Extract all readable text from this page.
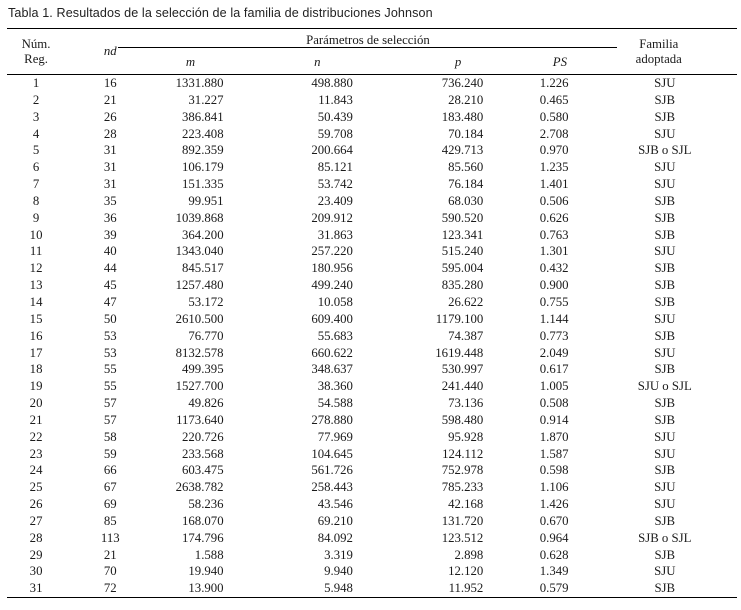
Tabla 1. Resultados de la selección de la familia de distribuciones Johnson
Núm.
Reg.	nd	Parámetros de selección				Familia
adoptada

		m	n	p	PS	
1	16	1331.880	498.880	736.240	1.226	SJU
2	21	31.227	11.843	28.210	0.465	SJB
3	26	386.841	50.439	183.480	0.580	SJB
4	28	223.408	59.708	70.184	2.708	SJU
5	31	892.359	200.664	429.713	0.970	SJB o SJL
6	31	106.179	85.121	85.560	1.235	SJU
7	31	151.335	53.742	76.184	1.401	SJU
8	35	99.951	23.409	68.030	0.506	SJB
9	36	1039.868	209.912	590.520	0.626	SJB
10	39	364.200	31.863	123.341	0.763	SJB
11	40	1343.040	257.220	515.240	1.301	SJU
12	44	845.517	180.956	595.004	0.432	SJB
13	45	1257.480	499.240	835.280	0.900	SJB
14	47	53.172	10.058	26.622	0.755	SJB
15	50	2610.500	609.400	1179.100	1.144	SJU
16	53	76.770	55.683	74.387	0.773	SJB
17	53	8132.578	660.622	1619.448	2.049	SJU
18	55	499.395	348.637	530.997	0.617	SJB
19	55	1527.700	38.360	241.440	1.005	SJU o SJL
20	57	49.826	54.588	73.136	0.508	SJB
21	57	1173.640	278.880	598.480	0.914	SJB
22	58	220.726	77.969	95.928	1.870	SJU
23	59	233.568	104.645	124.112	1.587	SJU
24	66	603.475	561.726	752.978	0.598	SJB
25	67	2638.782	258.443	785.233	1.106	SJU
26	69	58.236	43.546	42.168	1.426	SJU
27	85	168.070	69.210	131.720	0.670	SJB
28	113	174.796	84.092	123.512	0.964	SJB o SJL
29	21	1.588	3.319	2.898	0.628	SJB
30	70	19.940	9.940	12.120	1.349	SJU
31	72	13.900	5.948	11.952	0.579	SJB
